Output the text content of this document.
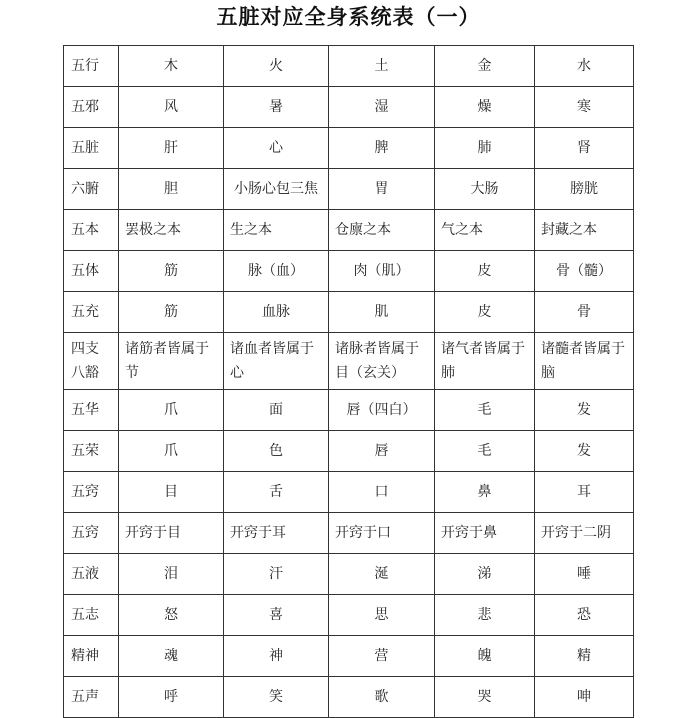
五脏对应全身系统表（一）
五行	木	火	土	金	水
五邪	风	暑	湿	燥	寒
五脏	肝	心	脾	肺	肾
六腑	胆	小肠心包三焦	胃	大肠	膀胱
五本	罢极之本	生之本	仓廪之本	气之本	封藏之本
五体	筋	脉（血）	肉（肌）	皮	骨（髓）
五充	筋	血脉	肌	皮	骨
四支八豁	诸筋者皆属于节	诸血者皆属于心	诸脉者皆属于目（玄关）	诸气者皆属于肺	诸髓者皆属于脑
五华	爪	面	唇（四白）	毛	发
五荣	爪	色	唇	毛	发
五窍	目	舌	口	鼻	耳
五窍	开窍于目	开窍于耳	开窍于口	开窍于鼻	开窍于二阴
五液	泪	汗	涎	涕	唾
五志	怒	喜	思	悲	恐
精神	魂	神	营	魄	精
五声	呼	笑	歌	哭	呻
